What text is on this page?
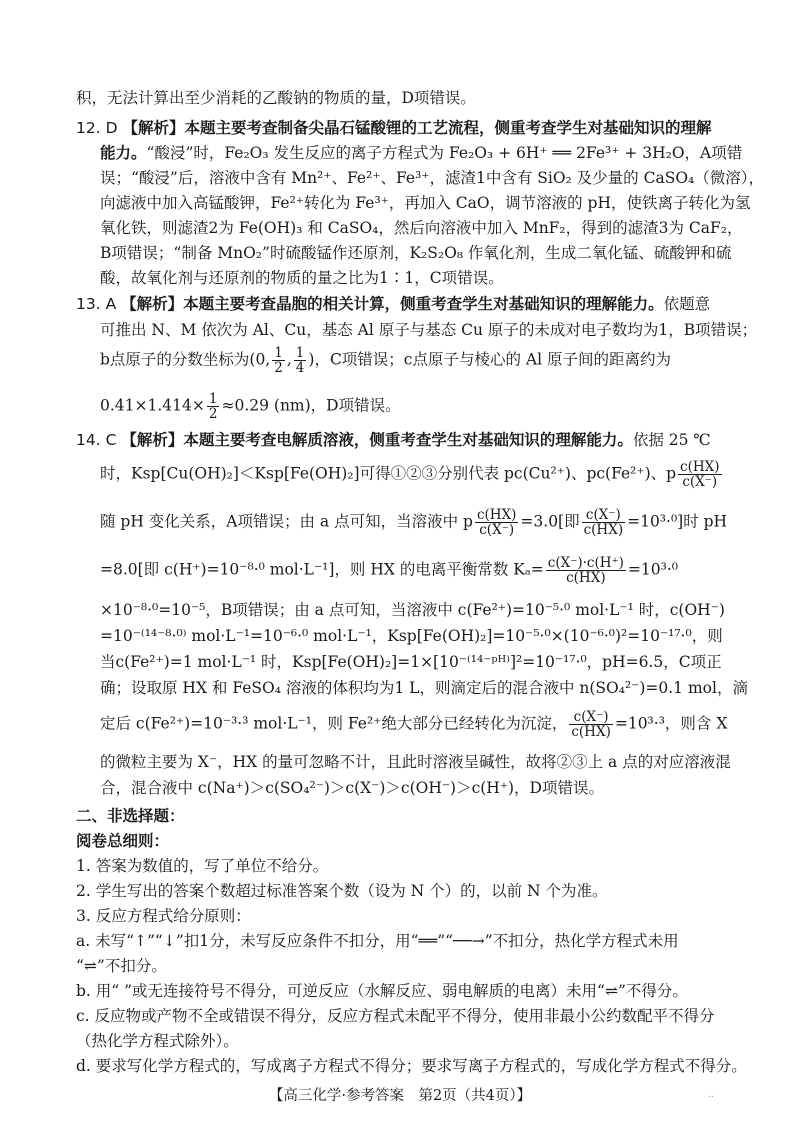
积，无法计算出至少消耗的乙酸钠的物质的量，D项错误。
12. D 【解析】本题主要考查制备尖晶石锰酸锂的工艺流程，侧重考查学生对基础知识的理解
能力。“酸浸”时，Fe₂O₃ 发生反应的离子方程式为 Fe₂O₃ + 6H⁺ ══ 2Fe³⁺ + 3H₂O，A项错
误；“酸浸”后，溶液中含有 Mn²⁺、Fe²⁺、Fe³⁺，滤渣1中含有 SiO₂ 及少量的 CaSO₄（微溶），
向滤液中加入高锰酸钾，Fe²⁺转化为 Fe³⁺，再加入 CaO，调节溶液的 pH，使铁离子转化为氢
氧化铁，则滤渣2为 Fe(OH)₃ 和 CaSO₄，然后向溶液中加入 MnF₂，得到的滤渣3为 CaF₂，
B项错误；“制备 MnO₂”时硫酸锰作还原剂，K₂S₂O₈ 作氧化剂，生成二氧化锰、硫酸钾和硫
酸，故氧化剂与还原剂的物质的量之比为1∶1，C项错误。
13. A 【解析】本题主要考查晶胞的相关计算，侧重考查学生对基础知识的理解能力。依题意
可推出 N、M 依次为 Al、Cu，基态 Al 原子与基态 Cu 原子的未成对电子数均为1，B项错误；
b点原子的分数坐标为(0, $\frac{1}{2}$ , $\frac{1}{4}$ )，C项错误；c点原子与棱心的 Al 原子间的距离约为
$0.41\times 1.414\times \frac{1}{2} \approx 0.29$ (nm)，D项错误。
14. C 【解析】本题主要考查电解质溶液，侧重考查学生对基础知识的理解能力。依据 25 ℃
时，Ksp[Cu(OH)₂]＜Ksp[Fe(OH)₂]可得①②③分别代表 pc(Cu²⁺)、pc(Fe²⁺)、p $\frac{c(HX)}{c(X^-)}$
随 pH 变化关系，A项错误；由 a 点可知，当溶液中 p $\frac{c(HX)}{c(X^-)} =3.0$[即 $\frac{c(X^-)}{c(HX)} =10^3\cdot^0$]时 pH
=8.0[即 c(H⁺)=10⁻⁸·⁰ mol·L⁻¹]，则 HX 的电离平衡常数 $K_a= \frac{c(X^-)\cdot c(H^+)}{c(HX)} =10^3\cdot^0$
×10⁻⁸·⁰=10⁻⁵，B项错误；由 a 点可知，当溶液中 c(Fe²⁺)=10⁻⁵·⁰ mol·L⁻¹ 时，c(OH⁻)
=10⁻⁽¹⁴⁻⁸·⁰⁾ mol·L⁻¹=10⁻⁶·⁰ mol·L⁻¹，Ksp[Fe(OH)₂]=10⁻⁵·⁰×(10⁻⁶·⁰)²=10⁻¹⁷·⁰，则
当c(Fe²⁺)=1 mol·L⁻¹ 时，Ksp[Fe(OH)₂]=1×[10⁻⁽¹⁴⁻ᵖᴴ⁾]²=10⁻¹⁷·⁰，pH=6.5，C项正
确；设取原 HX 和 FeSO₄ 溶液的体积均为1 L，则滴定后的混合液中 n(SO₄²⁻)=0.1 mol，滴
定后 c(Fe²⁺)=10⁻³·³ mol·L⁻¹，则 Fe²⁺绝大部分已经转化为沉淀， $\frac{c(X^-)}{c(HX)} =10^3\cdot^3$，则含 X
的微粒主要为 X⁻，HX 的量可忽略不计，且此时溶液呈碱性，故将②③上 a 点的对应溶液混
合，混合液中 c(Na⁺)＞c(SO₄²⁻)＞c(X⁻)＞c(OH⁻)＞c(H⁺)，D项错误。
二、非选择题：
阅卷总细则：
1. 答案为数值的，写了单位不给分。
2. 学生写出的答案个数超过标准答案个数（设为 N 个）的，以前 N 个为准。
3. 反应方程式给分原则：
a. 未写“↑”“↓”扣1分，未写反应条件不扣分，用“══”“──→”不扣分，热化学方程式未用
“⇌”不扣分。
b. 用“ ”或无连接符号不得分，可逆反应（水解反应、弱电解质的电离）未用“⇌”不得分。
c. 反应物或产物不全或错误不得分，反应方程式未配平不得分，使用非最小公约数配平不得分
（热化学方程式除外）。
d. 要求写化学方程式的，写成离子方程式不得分；要求写离子方程式的，写成化学方程式不得分。
【高三化学·参考答案　第2页（共4页）】	..
